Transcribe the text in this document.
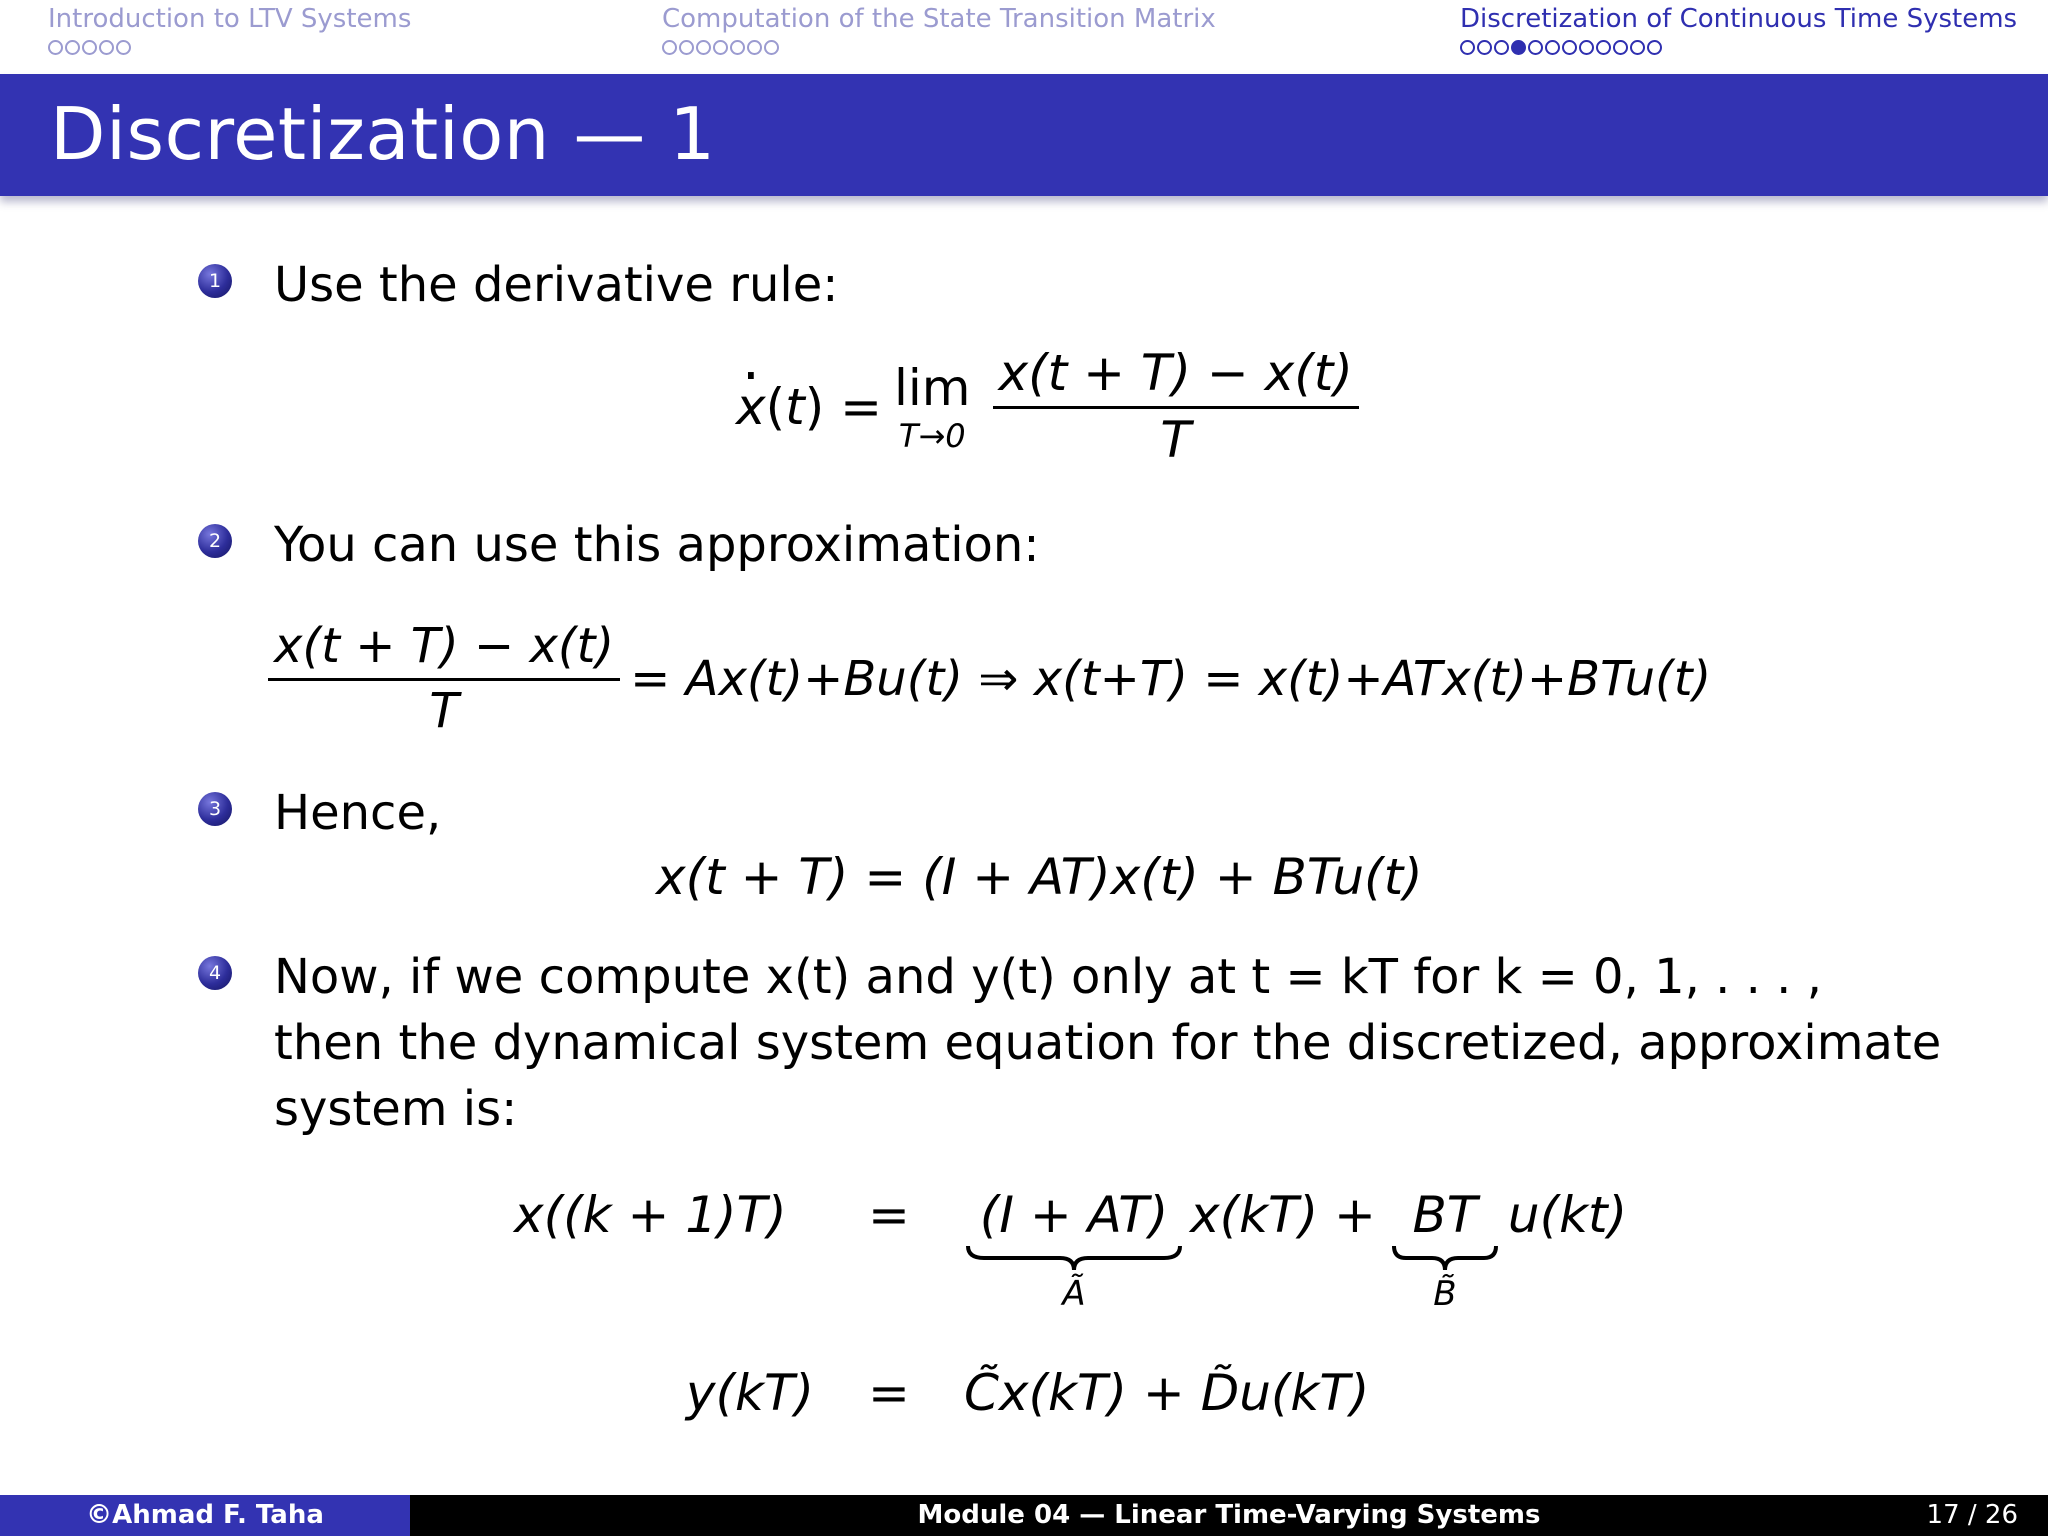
Introduction to LTV Systems	Computation of the State Transition Matrix	Discretization of Continuous Time Systems
Discretization — 1
1 Use the derivative rule:
· x(t) = lim
$T\to 0 \frac{x(t + T) - x(t)}{T}$
2 You can use this approximation:
$\frac{x(t + T) - x(t)}{T} = Ax(t)+Bu(t)$ ⇒ x(t+T) = x(t)+ATx(t)+BTu(t)
3 Hence,
x(t + T) = (I + AT)x(t) + BTu(t)
4 Now, if we compute x(t) and y(t) only at t = kT for k = 0, 1, . . . ,
then the dynamical system equation for the discretized, approximate
system is:
x((k + 1)T)	=	(I + AT)
Ã
x(kT) + BT
B̃
u(kt)
y(kT)	=	C̃x(kT) + D̃u(kT)
©Ahmad F. Taha	Module 04 — Linear Time-Varying Systems	17 / 26
